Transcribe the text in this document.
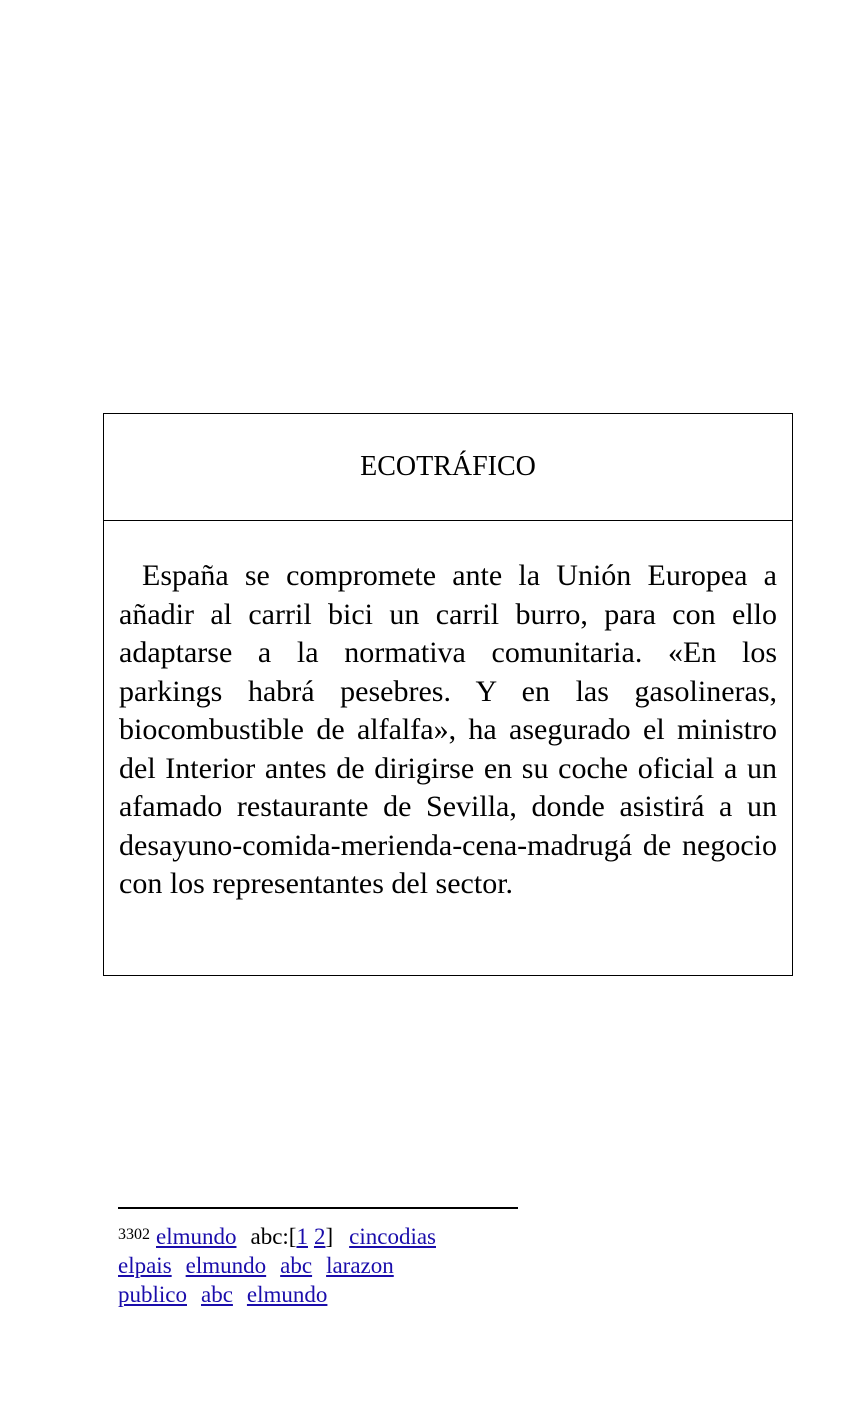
ECOTRÁFICO

España se compromete ante la Unión Europea a añadir al carril bici un carril burro, para con ello adaptarse a la normativa comunitaria. «En los parkings habrá pesebres. Y en las gasolineras, biocombustible de alfalfa», ha asegurado el ministro del Interior antes de dirigirse en su coche oficial a un afamado restaurante de Sevilla, donde asistirá a un desayuno-comida-merienda-cena-madrugá de negocio con los representantes del sector.

$^{3302}$ elmundo abc:[1 2] cincodias
elpais elmundo abc larazon
publico abc elmundo
